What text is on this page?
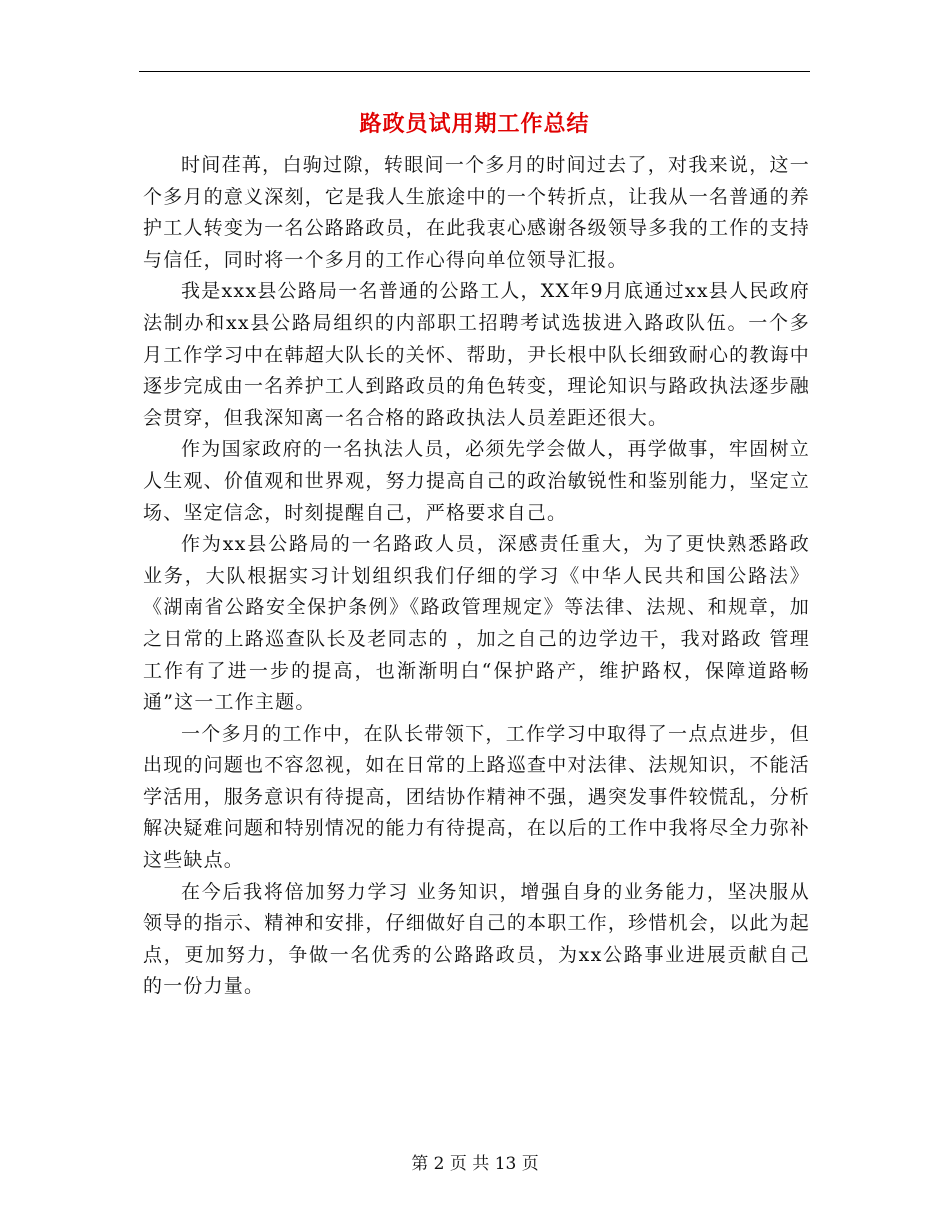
路政员试用期工作总结

时间荏苒，白驹过隙，转眼间一个多月的时间过去了，对我来说，这一个多月的意义深刻，它是我人生旅途中的一个转折点，让我从一名普通的养护工人转变为一名公路路政员，在此我衷心感谢各级领导多我的工作的支持与信任，同时将一个多月的工作心得向单位领导汇报。

我是xxx县公路局一名普通的公路工人，XX年9月底通过xx县人民政府法制办和xx县公路局组织的内部职工招聘考试选拔进入路政队伍。一个多月工作学习中在韩超大队长的关怀、帮助，尹长根中队长细致耐心的教诲中逐步完成由一名养护工人到路政员的角色转变，理论知识与路政执法逐步融会贯穿，但我深知离一名合格的路政执法人员差距还很大。

作为国家政府的一名执法人员，必须先学会做人，再学做事，牢固树立人生观、价值观和世界观，努力提高自己的政治敏锐性和鉴别能力，坚定立场、坚定信念，时刻提醒自己，严格要求自己。

作为xx县公路局的一名路政人员，深感责任重大，为了更快熟悉路政业务，大队根据实习计划组织我们仔细的学习《中华人民共和国公路法》《湖南省公路安全保护条例》《路政管理规定》等法律、法规、和规章，加之日常的上路巡查队长及老同志的 ，加之自己的边学边干，我对路政 管理工作有了进一步的提高，也渐渐明白“保护路产，维护路权，保障道路畅通”这一工作主题。

一个多月的工作中，在队长带领下，工作学习中取得了一点点进步，但出现的问题也不容忽视，如在日常的上路巡查中对法律、法规知识，不能活学活用，服务意识有待提高，团结协作精神不强，遇突发事件较慌乱，分析解决疑难问题和特别情况的能力有待提高，在以后的工作中我将尽全力弥补这些缺点。

在今后我将倍加努力学习 业务知识，增强自身的业务能力，坚决服从领导的指示、精神和安排，仔细做好自己的本职工作，珍惜机会，以此为起点，更加努力，争做一名优秀的公路路政员，为xx公路事业进展贡献自己的一份力量。

第 2 页 共 13 页
